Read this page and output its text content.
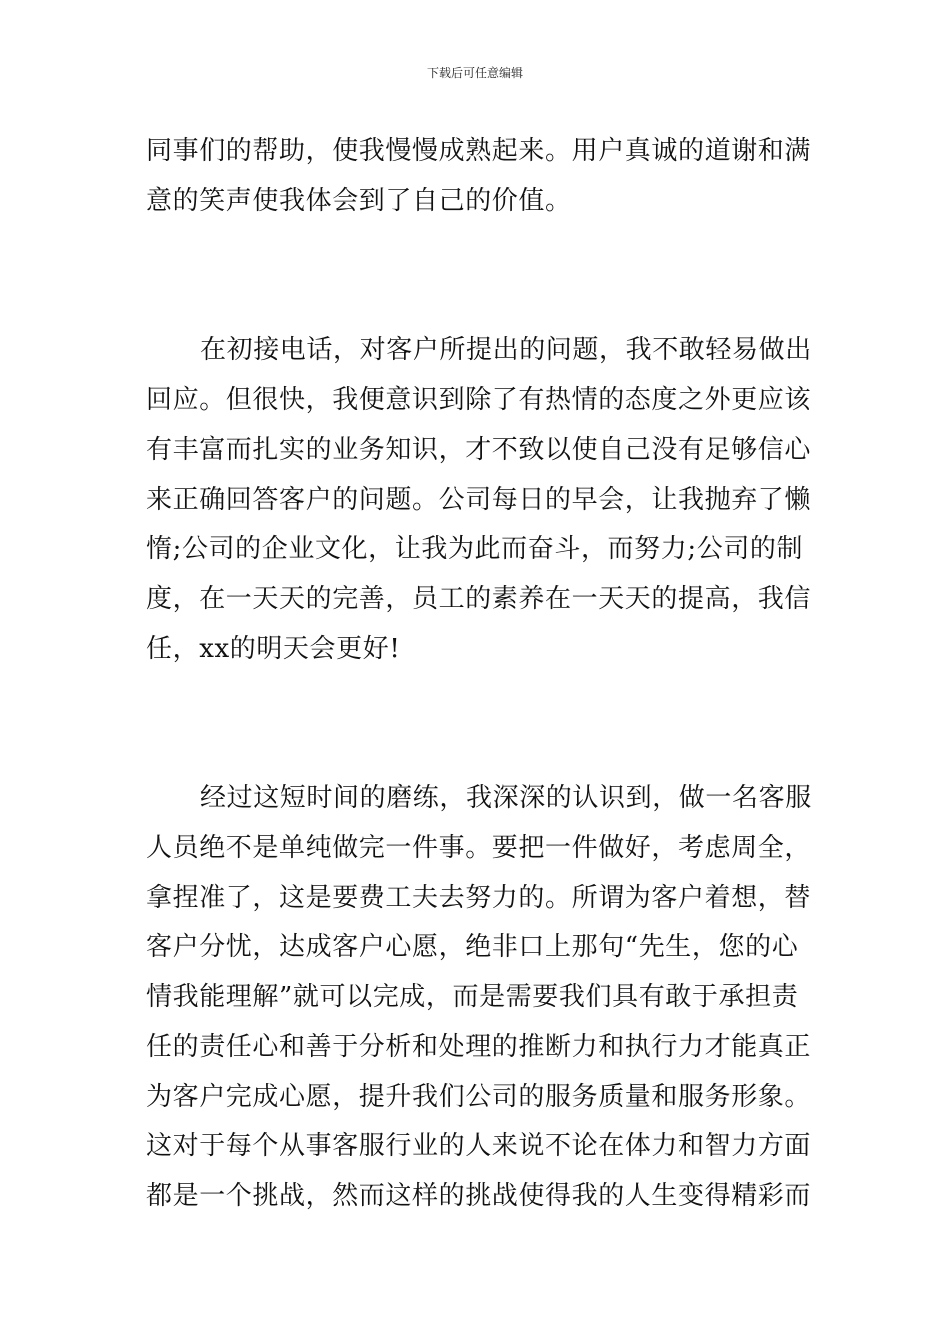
下载后可任意编辑
同事们的帮助，使我慢慢成熟起来。用户真诚的道谢和满
意的笑声使我体会到了自己的价值。
在初接电话，对客户所提出的问题，我不敢轻易做出
回应。但很快，我便意识到除了有热情的态度之外更应该
有丰富而扎实的业务知识，才不致以使自己没有足够信心
来正确回答客户的问题。公司每日的早会，让我抛弃了懒
惰;公司的企业文化，让我为此而奋斗，而努力;公司的制
度，在一天天的完善，员工的素养在一天天的提高，我信
任，xx的明天会更好!
经过这短时间的磨练，我深深的认识到，做一名客服
人员绝不是单纯做完一件事。要把一件做好，考虑周全，
拿捏准了，这是要费工夫去努力的。所谓为客户着想，替
客户分忧，达成客户心愿，绝非口上那句“先生，您的心
情我能理解”就可以完成，而是需要我们具有敢于承担责
任的责任心和善于分析和处理的推断力和执行力才能真正
为客户完成心愿，提升我们公司的服务质量和服务形象。
这对于每个从事客服行业的人来说不论在体力和智力方面
都是一个挑战，然而这样的挑战使得我的人生变得精彩而
